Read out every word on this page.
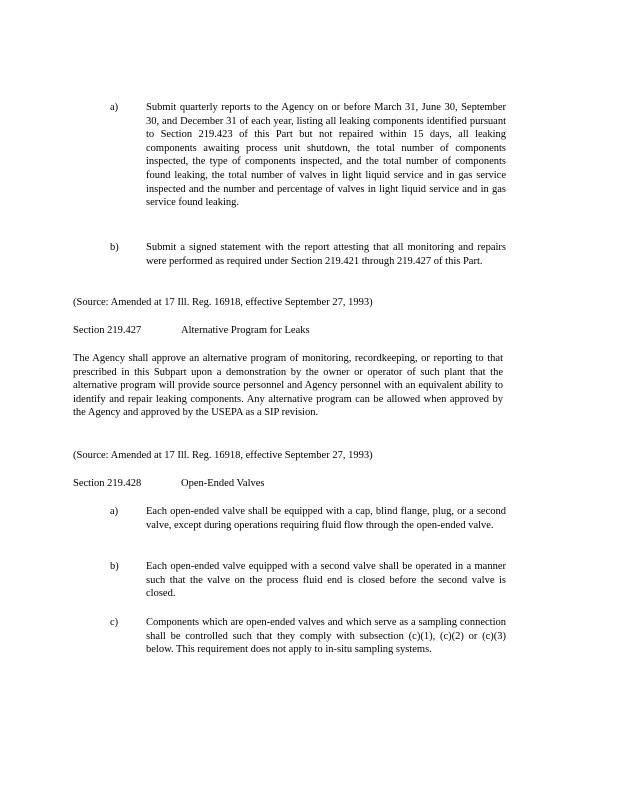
a)	Submit quarterly reports to the Agency on or before March 31, June 30, September 30, and December 31 of each year, listing all leaking components identified pursuant to Section 219.423 of this Part but not repaired within 15 days, all leaking components awaiting process unit shutdown, the total number of components inspected, the type of components inspected, and the total number of components found leaking, the total number of valves in light liquid service and in gas service inspected and the number and percentage of valves in light liquid service and in gas service found leaking.
b)	Submit a signed statement with the report attesting that all monitoring and repairs were performed as required under Section 219.421 through 219.427 of this Part.
(Source: Amended at 17 Ill. Reg. 16918, effective September 27, 1993)
Section 219.427	Alternative Program for Leaks
The Agency shall approve an alternative program of monitoring, recordkeeping, or reporting to that prescribed in this Subpart upon a demonstration by the owner or operator of such plant that the alternative program will provide source personnel and Agency personnel with an equivalent ability to identify and repair leaking components. Any alternative program can be allowed when approved by the Agency and approved by the USEPA as a SIP revision.
(Source: Amended at 17 Ill. Reg. 16918, effective September 27, 1993)
Section 219.428	Open-Ended Valves
a)	Each open-ended valve shall be equipped with a cap, blind flange, plug, or a second valve, except during operations requiring fluid flow through the open-ended valve.
b)	Each open-ended valve equipped with a second valve shall be operated in a manner such that the valve on the process fluid end is closed before the second valve is closed.
c)	Components which are open-ended valves and which serve as a sampling connection shall be controlled such that they comply with subsection (c)(1), (c)(2) or (c)(3) below. This requirement does not apply to in-situ sampling systems.
